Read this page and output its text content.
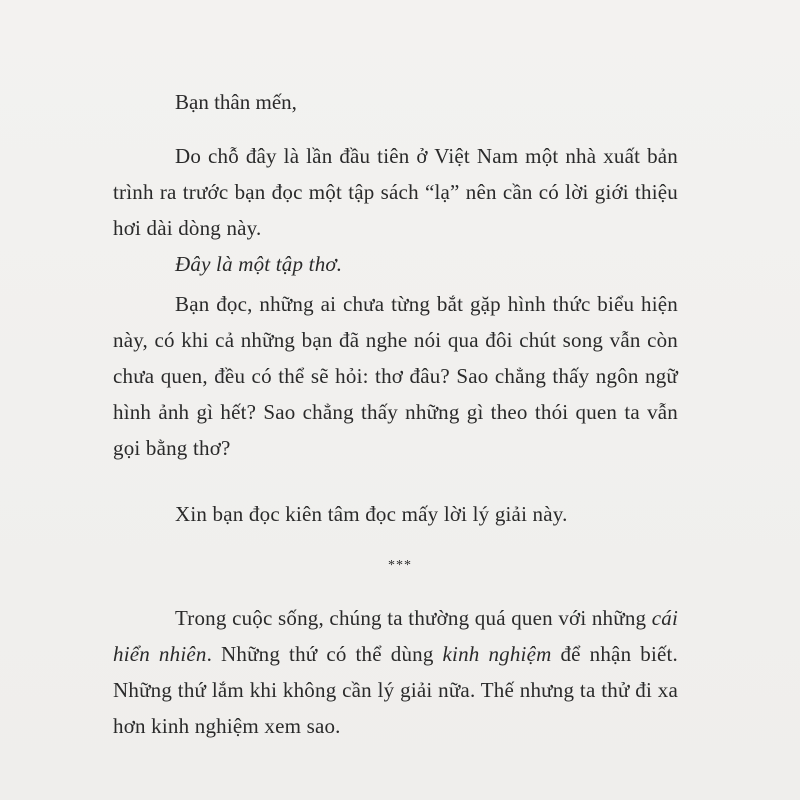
Bạn thân mến,

Do chỗ đây là lần đầu tiên ở Việt Nam một nhà xuất bản trình ra trước bạn đọc một tập sách “lạ” nên cần có lời giới thiệu hơi dài dòng này.

Đây là một tập thơ.

Bạn đọc, những ai chưa từng bắt gặp hình thức biểu hiện này, có khi cả những bạn đã nghe nói qua đôi chút song vẫn còn chưa quen, đều có thể sẽ hỏi: thơ đâu? Sao chẳng thấy ngôn ngữ hình ảnh gì hết? Sao chẳng thấy những gì theo thói quen ta vẫn gọi bằng thơ?

Xin bạn đọc kiên tâm đọc mấy lời lý giải này.

***

Trong cuộc sống, chúng ta thường quá quen với những cái hiển nhiên. Những thứ có thể dùng kinh nghiệm để nhận biết. Những thứ lắm khi không cần lý giải nữa. Thế nhưng ta thử đi xa hơn kinh nghiệm xem sao.
